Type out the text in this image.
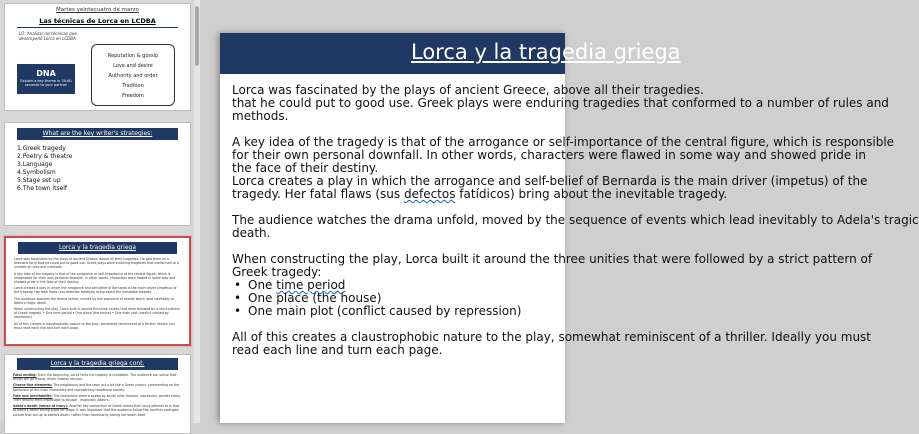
Martes veintecuatro de marzo
Las técnicas de Lorca en LCDBA
LO: Analizar las técnicas que desempeñó Lorca en LCDBA
DNA
Explain a key theme in 30-60 seconds to your partner
Reputation & gossip
Love and desire
Authority and order
Tradition
Freedom
What are the key writer's strategies:
1.Greek tragedy
2.Poetry & theatre
3.Language
4.Symbolism
5.Stage set up
6.The town itself
Lorca y la tragedia griega

Lorca was fascinated by the plays of ancient Greece, above all their tragedies. He saw them as a dramatic form that he could put to good use. Greek plays were enduring tragedies that conformed to a number of rules and methods.

A key idea of the tragedy is that of the arrogance or self-importance of the central figure, which is responsible for their own personal downfall. In other words, characters were flawed in some way and showed pride in the face of their destiny.

Lorca creates a play in which the arrogance and self-belief of Bernarda is the main driver (impetus) of the tragedy. Her fatal flaws (sus defectos fatídicos) bring about the inevitable tragedy.

The audience watches the drama unfold, moved by the sequence of events which lead inevitably to Adela's tragic death.

When constructing the play, Lorca built it around the three unities that were followed by a strict pattern of Greek tragedy: • One time period • One place (the house) • One main plot (conflict caused by repression)

All of this creates a claustrophobic nature to the play, somewhat reminiscent of a thriller. Ideally you must read each line and turn each page.

Lorca y la tragedia griega cont.

Fatal ending: From the beginning, Lorca hints the tragedy is inevitable. The audience can sense that things will go wrong, which creates tension.

Chorus-like elements: The neighbours and the town act a bit like a Greek chorus, commenting on the behaviour of the main characters and representing traditional society.

Fate and inevitability: The characters seem trapped by social rules (honour, repression, gender roles). Their destiny feels impossible to escape - especially Adela's.

Adela's death (sense of irony): Another key connection of Greek drama that Lorca adheres to is that of Adela's death taking place off stage. It was important that the audience follow the conflicts arranged picture that led up to Adela's death, rather than necessarily seeing her death itself.

Lorca y la tragedia griega

Lorca was fascinated by the plays of ancient Greece, above all their tragedies.

that he could put to good use. Greek plays were enduring tragedies that conformed to a number of rules and

methods.

A key idea of the tragedy is that of the arrogance or self-importance of the central figure, which is responsible

for their own personal downfall. In other words, characters were flawed in some way and showed pride in

the face of their destiny.

Lorca creates a play in which the arrogance and self-belief of Bernarda is the main driver (impetus) of the

tragedy. Her fatal flaws (sus defectos fatídicos) bring about the inevitable tragedy.

The audience watches the drama unfold, moved by the sequence of events which lead inevitably to Adela's tragic

death.

When constructing the play, Lorca built it around the three unities that were followed by a strict pattern of

Greek tragedy:

• One time period
• One place (the house)
• One main plot (conflict caused by repression)

All of this creates a claustrophobic nature to the play, somewhat reminiscent of a thriller. Ideally you must

read each line and turn each page.
